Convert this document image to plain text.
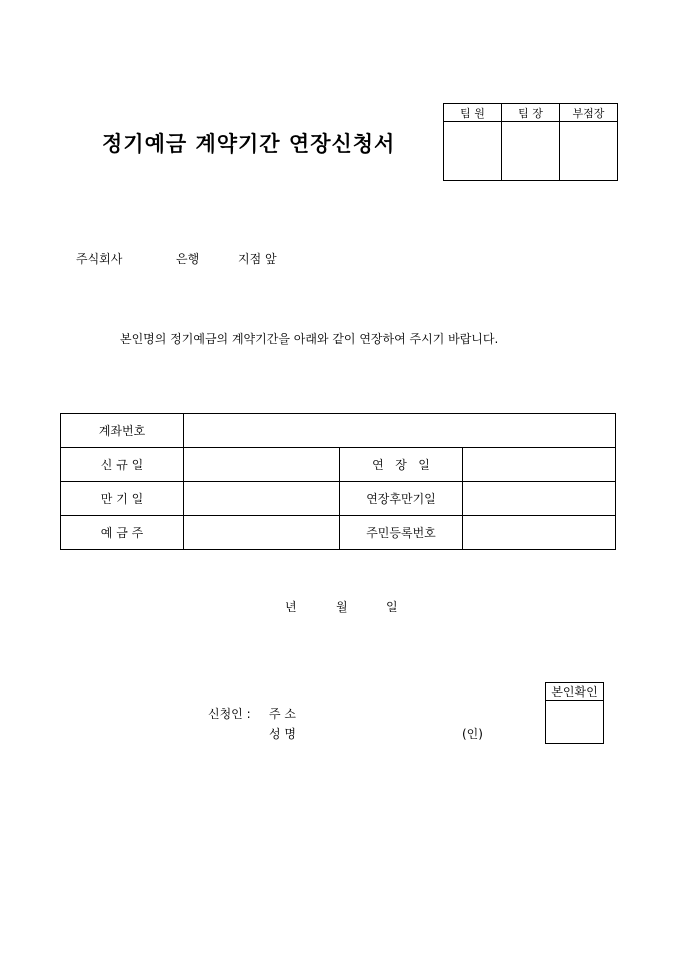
정기예금 계약기간 연장신청서
팀 원	팀 장	부점장

주식회사	은행	지점 앞
본인명의 정기예금의 계약기간을 아래와 같이 연장하여 주시기 바랍니다.
계좌번호			
신 규 일		연   장   일	
만 기 일		연장후만기일	
예 금 주		주민등록번호	
년	월	일
신청인 : 주 소
성 명	(인)
본인확인
